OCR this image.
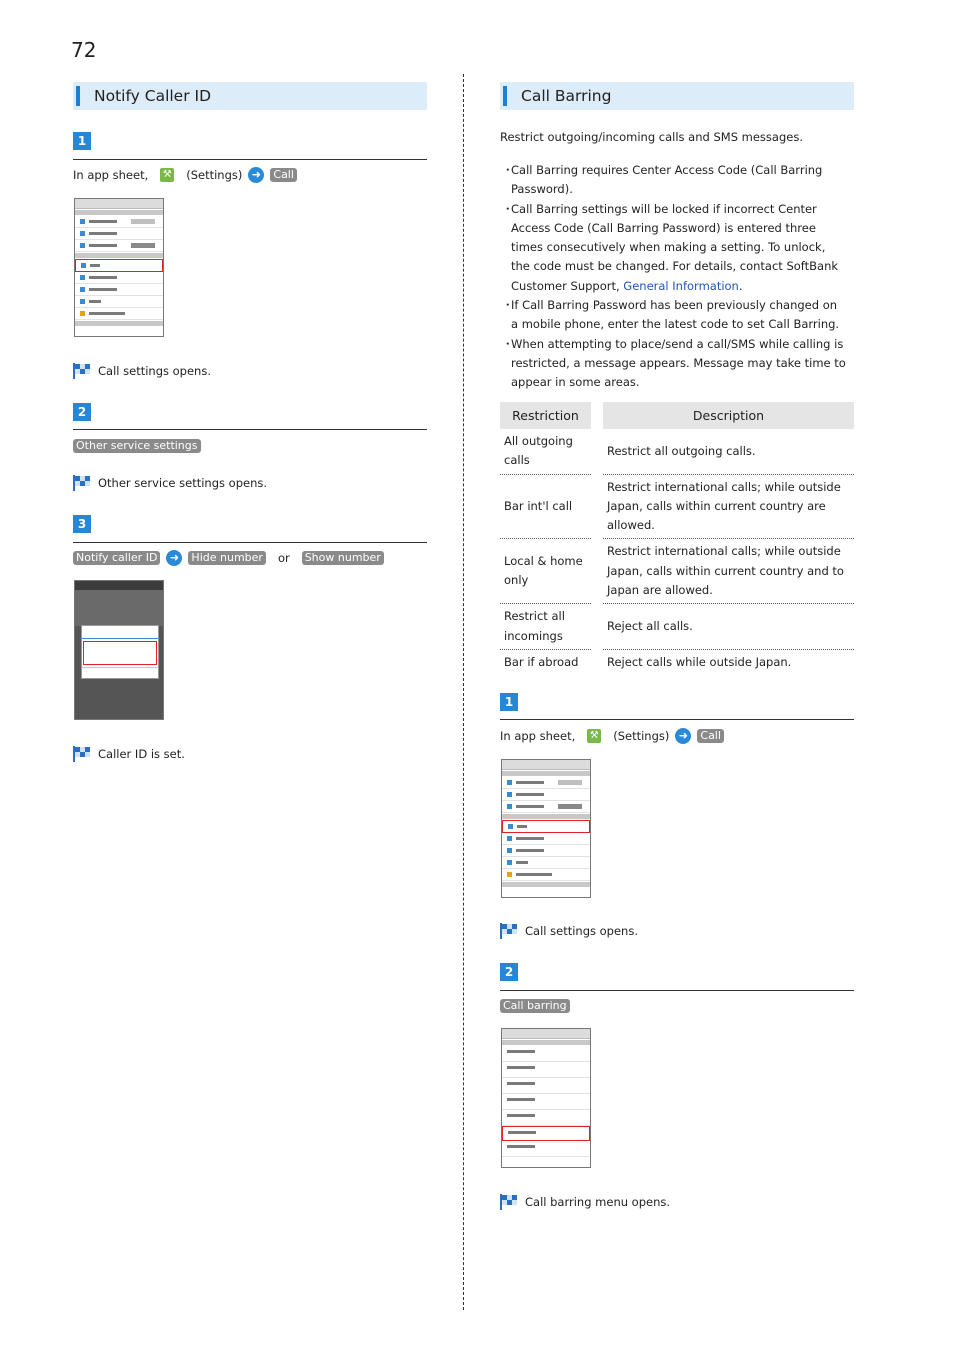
72
Notify Caller ID
1
In app sheet, ⚒ (Settings) ➜	Call
Call settings opens.
2
Other service settings
Other service settings opens.
3
Notify caller ID	➜	Hide number or Show number
Caller ID is set.
Call Barring
Restrict outgoing/incoming calls and SMS messages.
・
Call Barring requires Center Access Code (Call Barring Password).
・
Call Barring settings will be locked if incorrect Center Access Code (Call Barring Password) is entered three times consecutively when making a setting. To unlock, the code must be changed. For details, contact SoftBank Customer Support, General Information.
・
If Call Barring Password has been previously changed on a mobile phone, enter the latest code to set Call Barring.
・
When attempting to place/send a call/SMS while calling is restricted, a message appears. Message may take time to appear in some areas.
Restriction		Description
All outgoing calls		Restrict all outgoing calls.
Bar int'l call		Restrict international calls; while outside Japan, calls within current country are allowed.
Local & home only		Restrict international calls; while outside Japan, calls within current country and to Japan are allowed.
Restrict all incomings		Reject all calls.
Bar if abroad		Reject calls while outside Japan.
1
In app sheet, ⚒ (Settings) ➜	Call
Call settings opens.
2
Call barring
Call barring menu opens.
